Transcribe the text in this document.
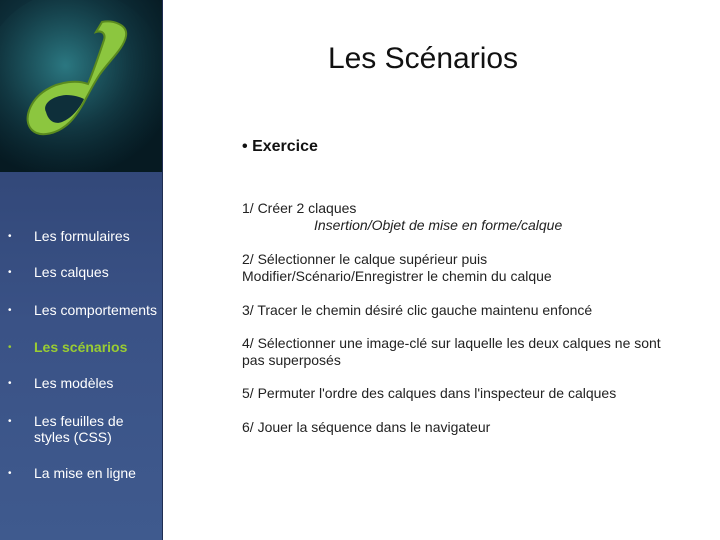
• Les formulaires
• Les calques
• Les comportements
• Les scénarios
• Les modèles
• Les feuilles de styles (CSS)
• La mise en ligne
Les Scénarios
• Exercice
1/ Créer 2 claques
Insertion/Objet de mise en forme/calque
2/ Sélectionner le calque supérieur puis
Modifier/Scénario/Enregistrer le chemin du calque
3/ Tracer le chemin désiré clic gauche maintenu enfoncé
4/ Sélectionner une image-clé sur laquelle les deux calques ne sont
pas superposés
5/ Permuter l'ordre des calques dans l'inspecteur de calques
6/ Jouer la séquence dans le navigateur
